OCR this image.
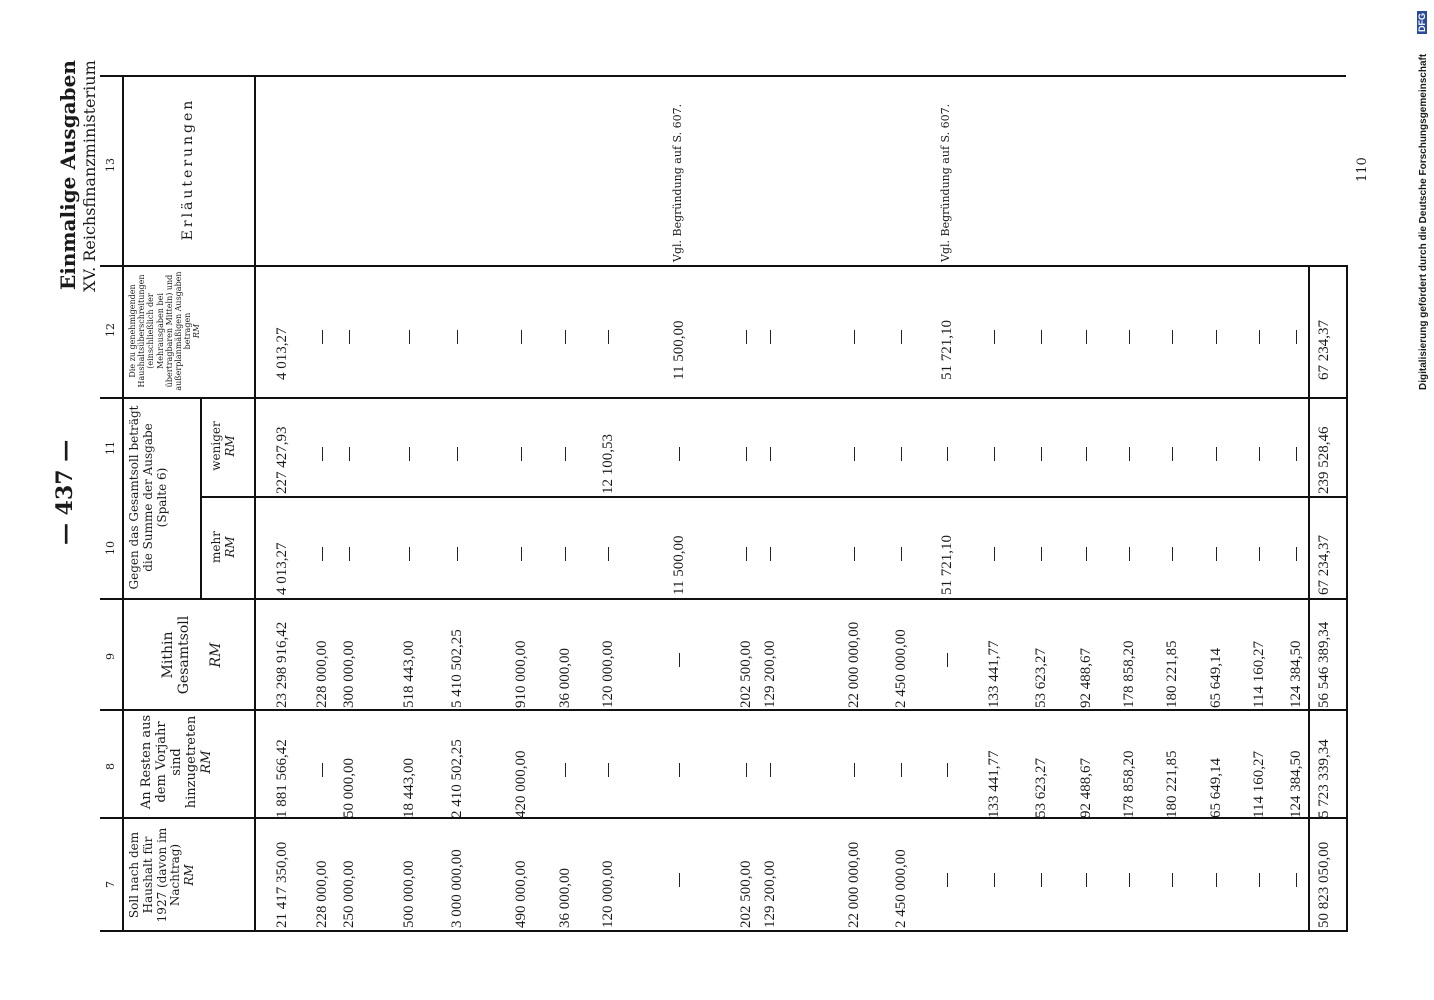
— 437 —
Einmalige Ausgaben XV. Reichsfinanzministerium
7
8
9
10
11
12
13
Soll nach dem Haushalt für 1927 (davon im Nachtrag)
RM
An Resten aus dem Vorjahr sind hinzugetreten
RM
Mithin Gesamtsoll RM
Gegen das Gesamtsoll beträgt die Summe der Ausgabe (Spalte 6)
mehr
RM
weniger
RM
Die zu genehmigenden Haushaltsüberschreitungen (einschließlich der Mehrausgaben bei übertragbaren Mitteln) und außerplanmäßigen Ausgaben betragen
RM
Erläuterungen
21 417 350,00
1 881 566,42
23 298 916,42
4 013,27
227 427,93
4 013,27
228 000,00
228 000,00
250 000,00
50 000,00
300 000,00
500 000,00
18 443,00
518 443,00
3 000 000,00
2 410 502,25
5 410 502,25
490 000,00
420 000,00
910 000,00
36 000,00
36 000,00
120 000,00
120 000,00
12 100,53
11 500,00
11 500,00
Vgl. Begründung auf S. 607.
202 500,00
202 500,00
129 200,00
129 200,00
22 000 000,00
22 000 000,00
2 450 000,00
2 450 000,00
51 721,10
51 721,10
Vgl. Begründung auf S. 607.
133 441,77
133 441,77
53 623,27
53 623,27
92 488,67
92 488,67
178 858,20
178 858,20
180 221,85
180 221,85
65 649,14
65 649,14
114 160,27
114 160,27
124 384,50
124 384,50
50 823 050,00
5 723 339,34
56 546 389,34
67 234,37
239 528,46
67 234,37
110	Digitalisierung gefördert durch die Deutsche Forschungsgemeinschaft
DFG
